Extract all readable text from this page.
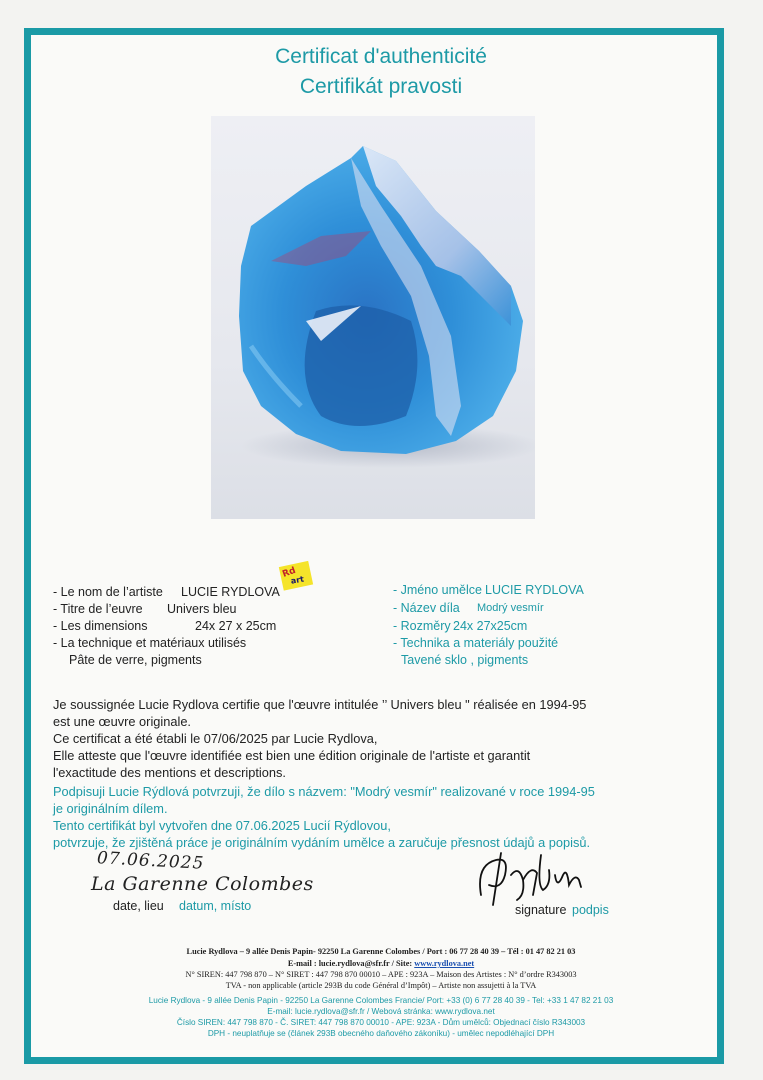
Certificat d'authenticité
Certifikát pravosti
Rd
art
- Le nom de l’artiste LUCIE RYDLOVA
- Titre de l’euvre Univers bleu
- Les dimensions	24x 27 x 25cm
- La technique et matériaux utilisés
Pâte de verre, pigments
- Jméno umělce LUCIE RYDLOVA
- Název díla Modrý vesmír
- Rozměry 24x 27x25cm
- Technika a materiály použité
Tavené sklo , pigments
Je soussignée Lucie Rydlova certifie que l'œuvre intitulée ’’ Univers bleu " réalisée en 1994-95
est une œuvre originale.
Ce certificat a été établi le 07/06/2025 par Lucie Rydlova,
Elle atteste que l'œuvre identifiée est bien une édition originale de l'artiste et garantit
l'exactitude des mentions et descriptions.
Podpisuji Lucie Rýdlová potvrzuji, že dílo s názvem: "Modrý vesmír" realizované v roce 1994-95
je originálním dílem.
Tento certifikát byl vytvořen dne 07.06.2025 Lucií Rýdlovou,
potvrzuje, že zjištěná práce je originálním vydáním umělce a zaručuje přesnost údajů a popisů.
07.06.2025
La Garenne Colombes
date, lieu datum, místo	signature podpis
Lucie Rydlova – 9 allée Denis Papin- 92250 La Garenne Colombes / Port : 06 77 28 40 39 – Tél : 01 47 82 21 03
E-mail : lucie.rydlova@sfr.fr / Site: www.rydlova.net
N° SIREN: 447 798 870 – N° SIRET : 447 798 870 00010 – APE : 923A – Maison des Artistes : N° d’ordre R343003
TVA - non applicable (article 293B du code Général d’Impôt) – Artiste non assujetti à la TVA
Lucie Rydlova - 9 allée Denis Papin - 92250 La Garenne Colombes Francie/ Port: +33 (0) 6 77 28 40 39 - Tel: +33 1 47 82 21 03
E-mail: lucie.rydlova@sfr.fr / Webová stránka: www.rydlova.net
Číslo SIREN: 447 798 870 - Č. SIRET: 447 798 870 00010 - APE: 923A - Dům umělců: Objednací číslo R343003
DPH - neuplatňuje se (článek 293B obecného daňového zákoníku) - umělec nepodléhající DPH
